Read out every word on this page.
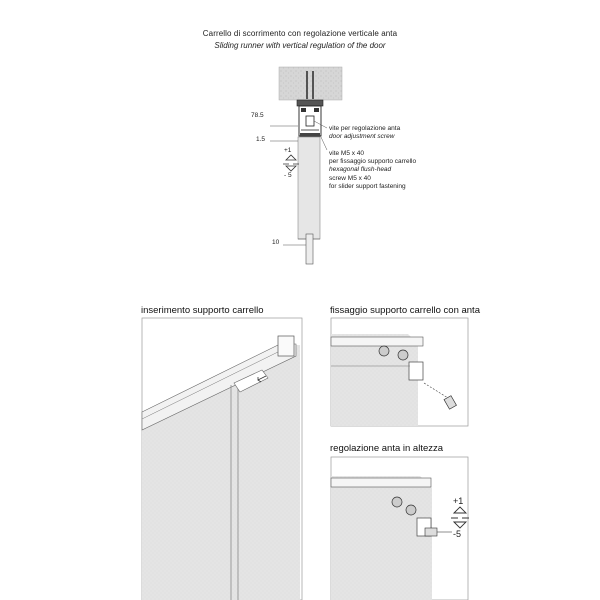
Carrello di scorrimento con regolazione verticale anta
Sliding runner with vertical regulation of the door
78.5
1.5
10
+1
- 5
vite per regolazione anta
door adjustment screw
vite M5 x 40
per fissaggio supporto carrello
hexagonal flush-head
screw M5 x 40
for slider support fastening
inserimento supporto carrello	fissaggio supporto carrello con anta
regolazione anta in altezza
+1
-5
